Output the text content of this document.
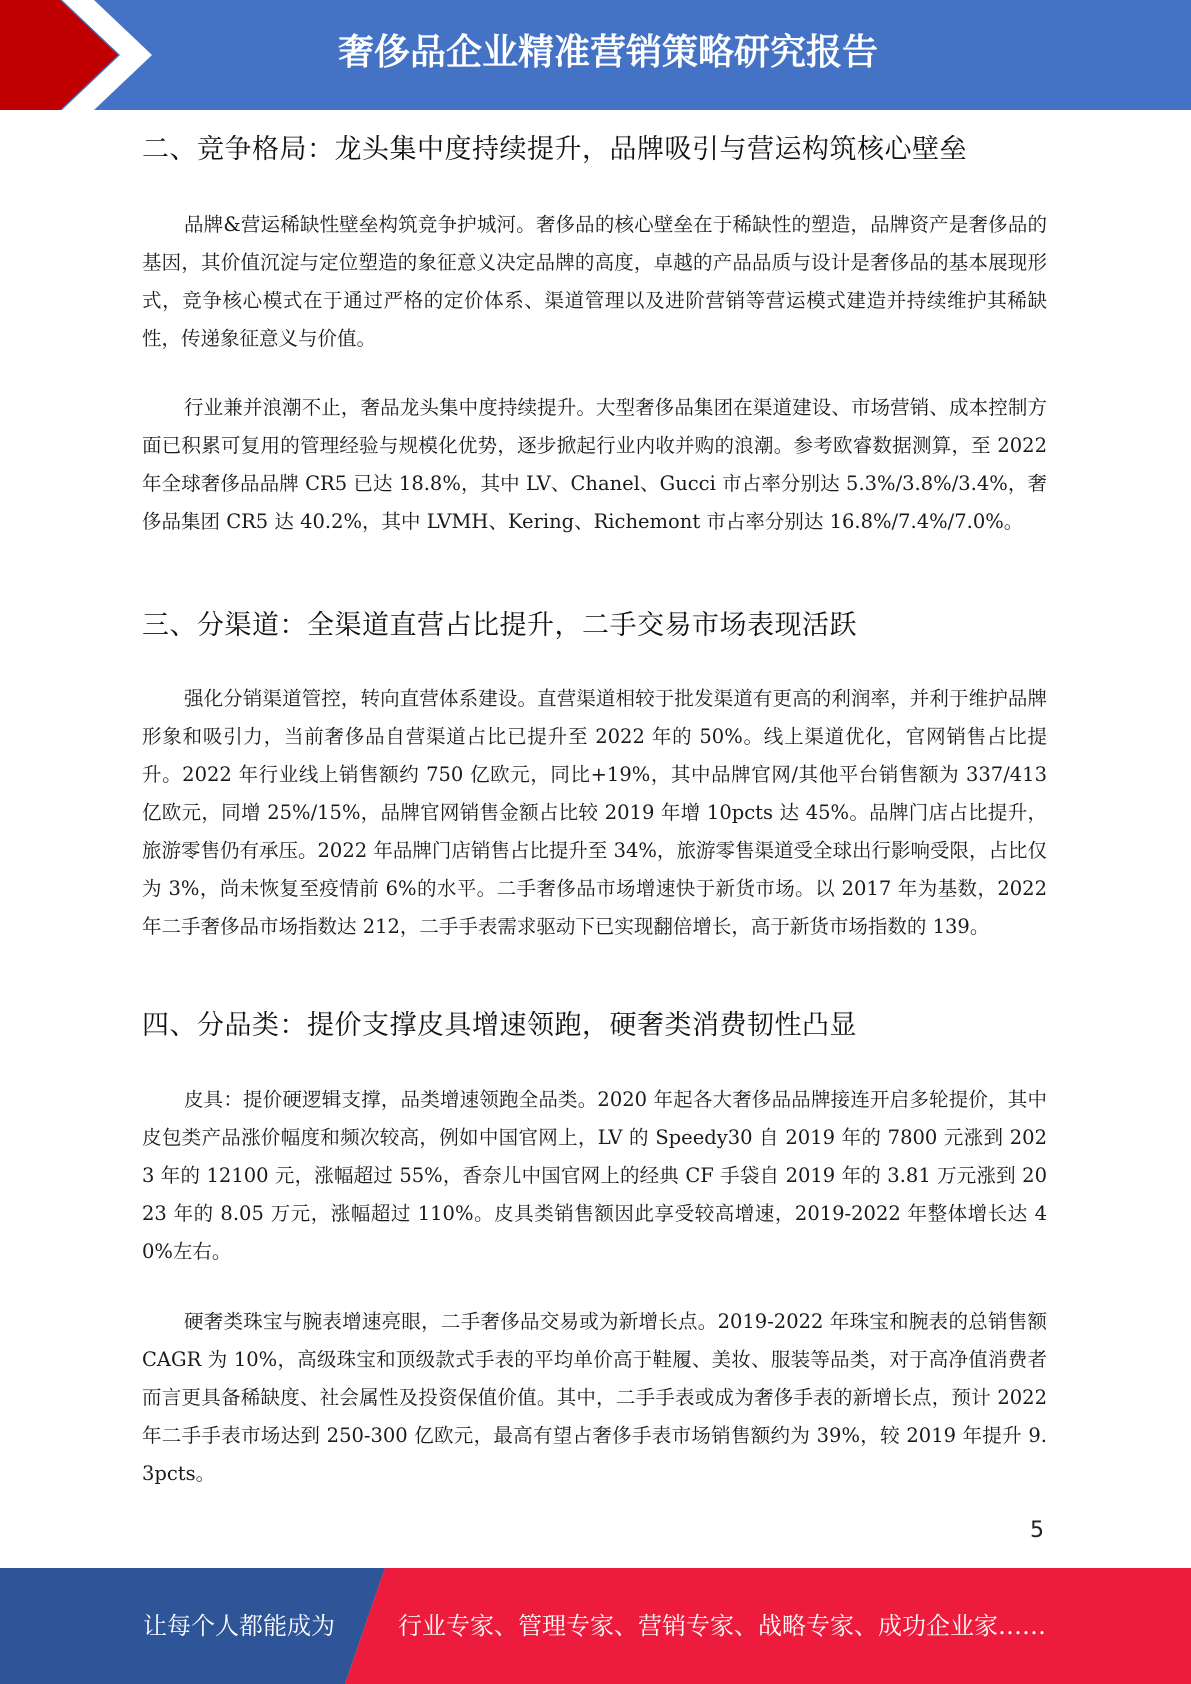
奢侈品企业精准营销策略研究报告
二、竞争格局：龙头集中度持续提升，品牌吸引与营运构筑核心壁垒

品牌&营运稀缺性壁垒构筑竞争护城河。奢侈品的核心壁垒在于稀缺性的塑造，品牌资产是奢侈品的基因，其价值沉淀与定位塑造的象征意义决定品牌的高度，卓越的产品品质与设计是奢侈品的基本展现形式，竞争核心模式在于通过严格的定价体系、渠道管理以及进阶营销等营运模式建造并持续维护其稀缺性，传递象征意义与价值。

行业兼并浪潮不止，奢品龙头集中度持续提升。大型奢侈品集团在渠道建设、市场营销、成本控制方面已积累可复用的管理经验与规模化优势，逐步掀起行业内收并购的浪潮。参考欧睿数据测算，至 2022 年全球奢侈品品牌 CR5 已达 18.8%，其中 LV、Chanel、Gucci 市占率分别达 5.3%/3.8%/3.4%，奢侈品集团 CR5 达 40.2%，其中 LVMH、Kering、Richemont 市占率分别达 16.8%/7.4%/7.0%。

三、分渠道：全渠道直营占比提升，二手交易市场表现活跃

强化分销渠道管控，转向直营体系建设。直营渠道相较于批发渠道有更高的利润率，并利于维护品牌形象和吸引力，当前奢侈品自营渠道占比已提升至 2022 年的 50%。线上渠道优化，官网销售占比提升。2022 年行业线上销售额约 750 亿欧元，同比+19%，其中品牌官网/其他平台销售额为 337/413 亿欧元，同增 25%/15%，品牌官网销售金额占比较 2019 年增 10pcts 达 45%。品牌门店占比提升，旅游零售仍有承压。2022 年品牌门店销售占比提升至 34%，旅游零售渠道受全球出行影响受限，占比仅为 3%，尚未恢复至疫情前 6%的水平。二手奢侈品市场增速快于新货市场。以 2017 年为基数，2022 年二手奢侈品市场指数达 212，二手手表需求驱动下已实现翻倍增长，高于新货市场指数的 139。

四、分品类：提价支撑皮具增速领跑，硬奢类消费韧性凸显

皮具：提价硬逻辑支撑，品类增速领跑全品类。2020 年起各大奢侈品品牌接连开启多轮提价，其中皮包类产品涨价幅度和频次较高，例如中国官网上，LV 的 Speedy30 自 2019 年的 7800 元涨到 2023 年的 12100 元，涨幅超过 55%，香奈儿中国官网上的经典 CF 手袋自 2019 年的 3.81 万元涨到 2023 年的 8.05 万元，涨幅超过 110%。皮具类销售额因此享受较高增速，2019-2022 年整体增长达 40%左右。

硬奢类珠宝与腕表增速亮眼，二手奢侈品交易或为新增长点。2019-2022 年珠宝和腕表的总销售额 CAGR 为 10%，高级珠宝和顶级款式手表的平均单价高于鞋履、美妆、服装等品类，对于高净值消费者而言更具备稀缺度、社会属性及投资保值价值。其中，二手手表或成为奢侈手表的新增长点，预计 2022 年二手手表市场达到 250-300 亿欧元，最高有望占奢侈手表市场销售额约为 39%，较 2019 年提升 9.3pcts。

5
让每个人都能成为	行业专家、管理专家、营销专家、战略专家、成功企业家……
